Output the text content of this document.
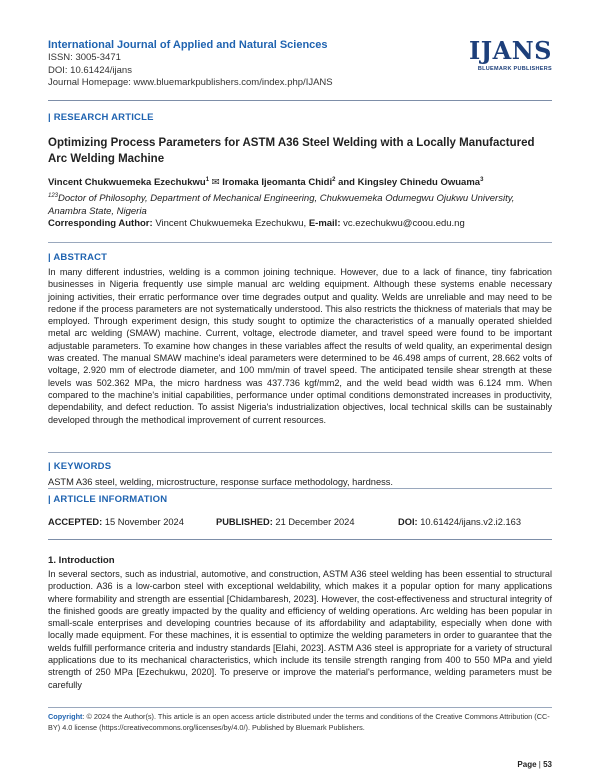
International Journal of Applied and Natural Sciences
ISSN: 3005-3471
DOI: 10.61424/ijans
Journal Homepage: www.bluemarkpublishers.com/index.php/IJANS
IJANS
BLUEMARK PUBLISHERS
| RESEARCH ARTICLE
Optimizing Process Parameters for ASTM A36 Steel Welding with a Locally Manufactured Arc Welding Machine
Vincent Chukwuemeka Ezechukwu$^1$ ✉ Iromaka Ijeomanta Chidi$^2$ and Kingsley Chinedu Owuama$^3$
$^{123}$Doctor of Philosophy, Department of Mechanical Engineering, Chukwuemeka Odumegwu Ojukwu University, Anambra State, Nigeria
Corresponding Author: Vincent Chukwuemeka Ezechukwu, E-mail: vc.ezechukwu@coou.edu.ng
| ABSTRACT
In many different industries, welding is a common joining technique. However, due to a lack of finance, tiny fabrication businesses in Nigeria frequently use simple manual arc welding equipment. Although these systems enable necessary joining activities, their erratic performance over time degrades output and quality. Welds are unreliable and may need to be redone if the process parameters are not systematically understood. This also restricts the thickness of materials that may be employed. Through experiment design, this study sought to optimize the characteristics of a manually operated shielded metal arc welding (SMAW) machine. Current, voltage, electrode diameter, and travel speed were found to be important adjustable parameters. To examine how changes in these variables affect the results of weld quality, an experimental design was created. The manual SMAW machine's ideal parameters were determined to be 46.498 amps of current, 28.662 volts of voltage, 2.920 mm of electrode diameter, and 100 mm/min of travel speed. The anticipated tensile shear strength at these levels was 502.362 MPa, the micro hardness was 437.736 kgf/mm2, and the weld bead width was 6.124 mm. When compared to the machine's initial capabilities, performance under optimal conditions demonstrated increases in productivity, dependability, and defect reduction. To assist Nigeria's industrialization objectives, local technical skills can be sustainably developed through the methodical improvement of current resources.
| KEYWORDS
ASTM A36 steel, welding, microstructure, response surface methodology, hardness.
| ARTICLE INFORMATION
ACCEPTED: 15 November 2024	PUBLISHED: 21 December 2024	DOI: 10.61424/ijans.v2.i2.163
1. Introduction
In several sectors, such as industrial, automotive, and construction, ASTM A36 steel welding has been essential to structural production. A36 is a low-carbon steel with exceptional weldability, which makes it a popular option for many applications where formability and strength are essential [Chidambaresh, 2023]. However, the cost-effectiveness and structural integrity of the finished goods are greatly impacted by the quality and efficiency of welding operations. Arc welding has been popular in small-scale enterprises and developing countries because of its affordability and adaptability, especially when done with locally made equipment. For these machines, it is essential to optimize the welding parameters in order to guarantee that the welds fulfill performance criteria and industry standards [Elahi, 2023]. ASTM A36 steel is appropriate for a variety of structural applications due to its mechanical characteristics, which include its tensile strength ranging from 400 to 550 MPa and yield strength of 250 MPa [Ezechukwu, 2020]. To preserve or improve the material's performance, welding parameters must be carefully
Copyright: © 2024 the Author(s). This article is an open access article distributed under the terms and conditions of the Creative Commons Attribution (CC-BY) 4.0 license (https://creativecommons.org/licenses/by/4.0/). Published by Bluemark Publishers.
Page | 53
